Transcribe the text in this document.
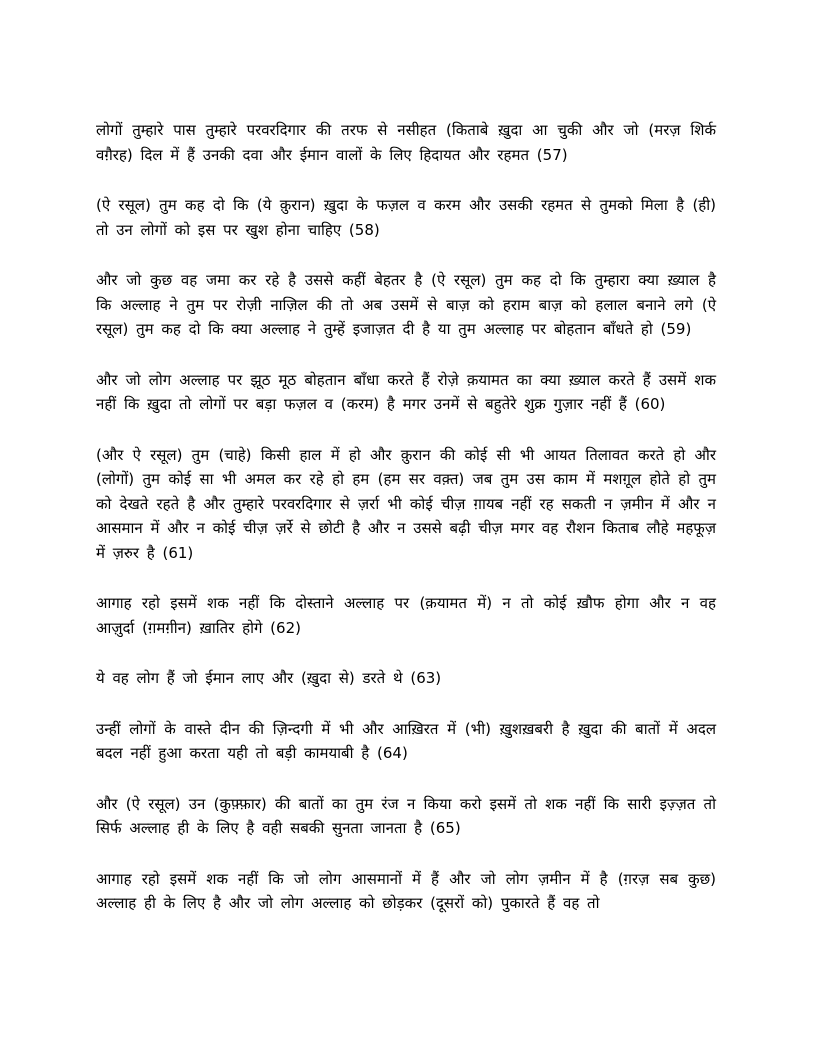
लोगों तुम्हारे पास तुम्हारे परवरदिगार की तरफ से नसीहत (किताबे ख़ुदा आ चुकी और जो (मरज़ शिर्क वग़ैरह) दिल में हैं उनकी दवा और ईमान वालों के लिए हिदायत और रहमत (57)

(ऐ रसूल) तुम कह दो कि (ये क़ुरान) ख़ुदा के फज़ल व करम और उसकी रहमत से तुमको मिला है (ही) तो उन लोगों को इस पर खुश होना चाहिए (58)

और जो कुछ वह जमा कर रहे है उससे कहीं बेहतर है (ऐ रसूल) तुम कह दो कि तुम्हारा क्या ख़्याल है कि अल्लाह ने तुम पर रोज़ी नाज़िल की तो अब उसमें से बाज़ को हराम बाज़ को हलाल बनाने लगे (ऐ रसूल) तुम कह दो कि क्या अल्लाह ने तुम्हें इजाज़त दी है या तुम अल्लाह पर बोहतान बाँधते हो (59)

और जो लोग अल्लाह पर झूठ मूठ बोहतान बाँधा करते हैं रोज़े क़यामत का क्या ख़्याल करते हैं उसमें शक नहीं कि ख़ुदा तो लोगों पर बड़ा फज़ल व (करम) है मगर उनमें से बहुतेरे शुक्र गुज़ार नहीं हैं (60)

(और ऐ रसूल) तुम (चाहे) किसी हाल में हो और क़ुरान की कोई सी भी आयत तिलावत करते हो और (लोगों) तुम कोई सा भी अमल कर रहे हो हम (हम सर वक़्त) जब तुम उस काम में मशग़ूल होते हो तुम को देखते रहते है और तुम्हारे परवरदिगार से ज़र्रा भी कोई चीज़ ग़ायब नहीं रह सकती न ज़मीन में और न आसमान में और न कोई चीज़ ज़र्रे से छोटी है और न उससे बढ़ी चीज़ मगर वह रौशन किताब लौहे महफूज़ में ज़रुर है (61)

आगाह रहो इसमें शक नहीं कि दोस्ताने अल्लाह पर (क़यामत में) न तो कोई ख़ौफ होगा और न वह आज़ुर्दा (ग़मग़ीन) ख़ातिर होगे (62)

ये वह लोग हैं जो ईमान लाए और (ख़ुदा से) डरते थे (63)

उन्हीं लोगों के वास्ते दीन की ज़िन्दगी में भी और आख़िरत में (भी) ख़ुशख़बरी है ख़ुदा की बातों में अदल बदल नहीं हुआ करता यही तो बड़ी कामयाबी है (64)

और (ऐ रसूल) उन (कुफ़्फ़ार) की बातों का तुम रंज न किया करो इसमें तो शक नहीं कि सारी इज़्ज़त तो सिर्फ अल्लाह ही के लिए है वही सबकी सुनता जानता है (65)

आगाह रहो इसमें शक नहीं कि जो लोग आसमानों में हैं और जो लोग ज़मीन में है (ग़रज़ सब कुछ) अल्लाह ही के लिए है और जो लोग अल्लाह को छोड़कर (दूसरों को) पुकारते हैं वह तो
